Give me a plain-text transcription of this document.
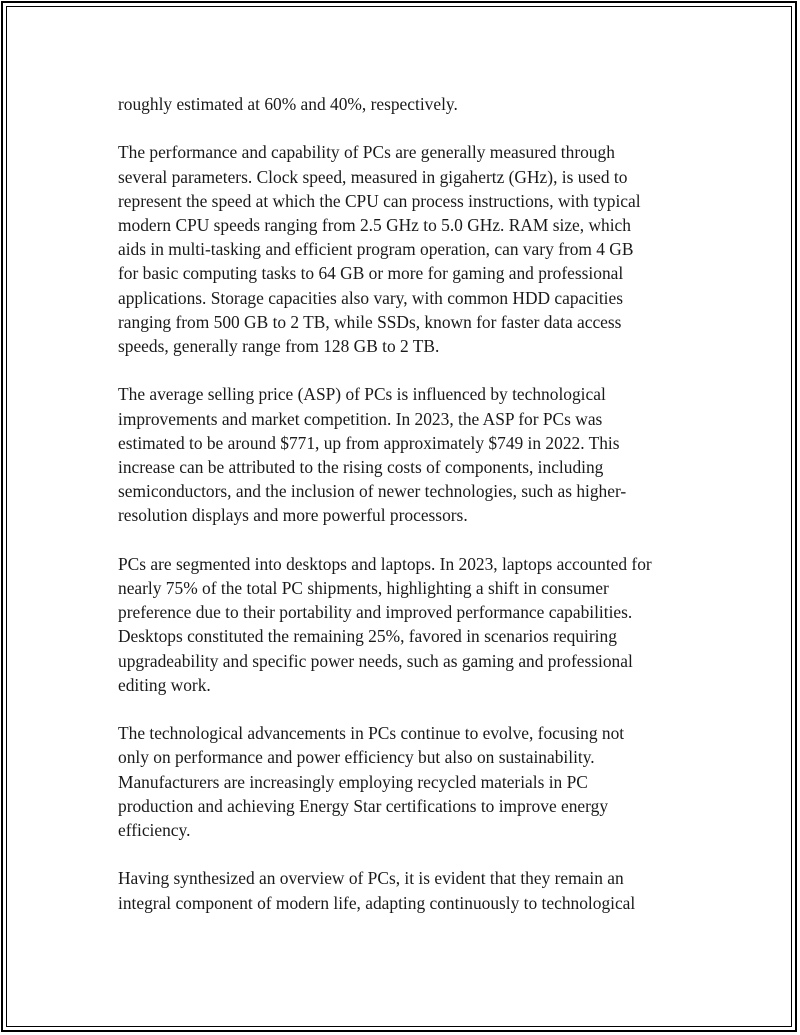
roughly estimated at 60% and 40%, respectively.

The performance and capability of PCs are generally measured through
several parameters. Clock speed, measured in gigahertz (GHz), is used to
represent the speed at which the CPU can process instructions, with typical
modern CPU speeds ranging from 2.5 GHz to 5.0 GHz. RAM size, which
aids in multi-tasking and efficient program operation, can vary from 4 GB
for basic computing tasks to 64 GB or more for gaming and professional
applications. Storage capacities also vary, with common HDD capacities
ranging from 500 GB to 2 TB, while SSDs, known for faster data access
speeds, generally range from 128 GB to 2 TB.

The average selling price (ASP) of PCs is influenced by technological
improvements and market competition. In 2023, the ASP for PCs was
estimated to be around $771, up from approximately $749 in 2022. This
increase can be attributed to the rising costs of components, including
semiconductors, and the inclusion of newer technologies, such as higher-
resolution displays and more powerful processors.

PCs are segmented into desktops and laptops. In 2023, laptops accounted for
nearly 75% of the total PC shipments, highlighting a shift in consumer
preference due to their portability and improved performance capabilities.
Desktops constituted the remaining 25%, favored in scenarios requiring
upgradeability and specific power needs, such as gaming and professional
editing work.

The technological advancements in PCs continue to evolve, focusing not
only on performance and power efficiency but also on sustainability.
Manufacturers are increasingly employing recycled materials in PC
production and achieving Energy Star certifications to improve energy
efficiency.

Having synthesized an overview of PCs, it is evident that they remain an
integral component of modern life, adapting continuously to technological
